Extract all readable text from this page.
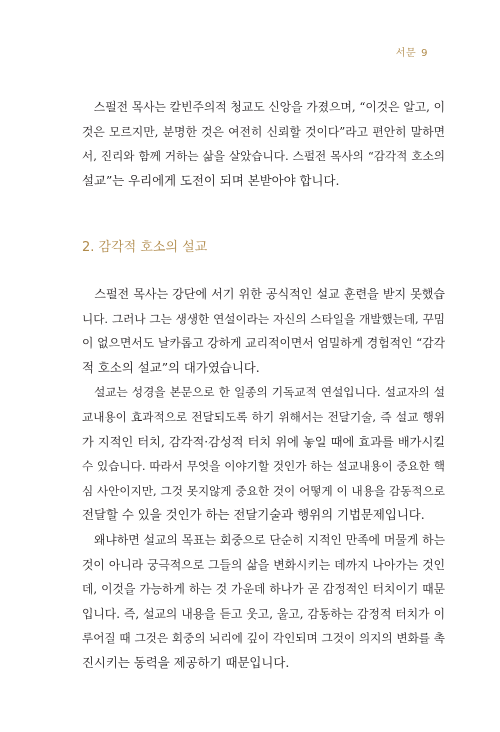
서문 9
　스펄전 목사는 칼빈주의적 청교도 신앙을 가졌으며, “이것은 알고, 이
것은 모르지만, 분명한 것은 여전히 신뢰할 것이다”라고 편안히 말하면
서, 진리와 함께 거하는 삶을 살았습니다. 스펄전 목사의 “감각적 호소의
설교”는 우리에게 도전이 되며 본받아야 합니다.
2. 감각적 호소의 설교
　스펄전 목사는 강단에 서기 위한 공식적인 설교 훈련을 받지 못했습
니다. 그러나 그는 생생한 연설이라는 자신의 스타일을 개발했는데, 꾸밈
이 없으면서도 날카롭고 강하게 교리적이면서 엄밀하게 경험적인 “감각
적 호소의 설교”의 대가였습니다.
　설교는 성경을 본문으로 한 일종의 기독교적 연설입니다. 설교자의 설
교내용이 효과적으로 전달되도록 하기 위해서는 전달기술, 즉 설교 행위
가 지적인 터치, 감각적·감성적 터치 위에 놓일 때에 효과를 배가시킬
수 있습니다. 따라서 무엇을 이야기할 것인가 하는 설교내용이 중요한 핵
심 사안이지만, 그것 못지않게 중요한 것이 어떻게 이 내용을 감동적으로
전달할 수 있을 것인가 하는 전달기술과 행위의 기법문제입니다.
　왜냐하면 설교의 목표는 회중으로 단순히 지적인 만족에 머물게 하는
것이 아니라 궁극적으로 그들의 삶을 변화시키는 데까지 나아가는 것인
데, 이것을 가능하게 하는 것 가운데 하나가 곧 감정적인 터치이기 때문
입니다. 즉, 설교의 내용을 듣고 웃고, 울고, 감동하는 감정적 터치가 이
루어질 때 그것은 회중의 뇌리에 깊이 각인되며 그것이 의지의 변화를 촉
진시키는 동력을 제공하기 때문입니다.
